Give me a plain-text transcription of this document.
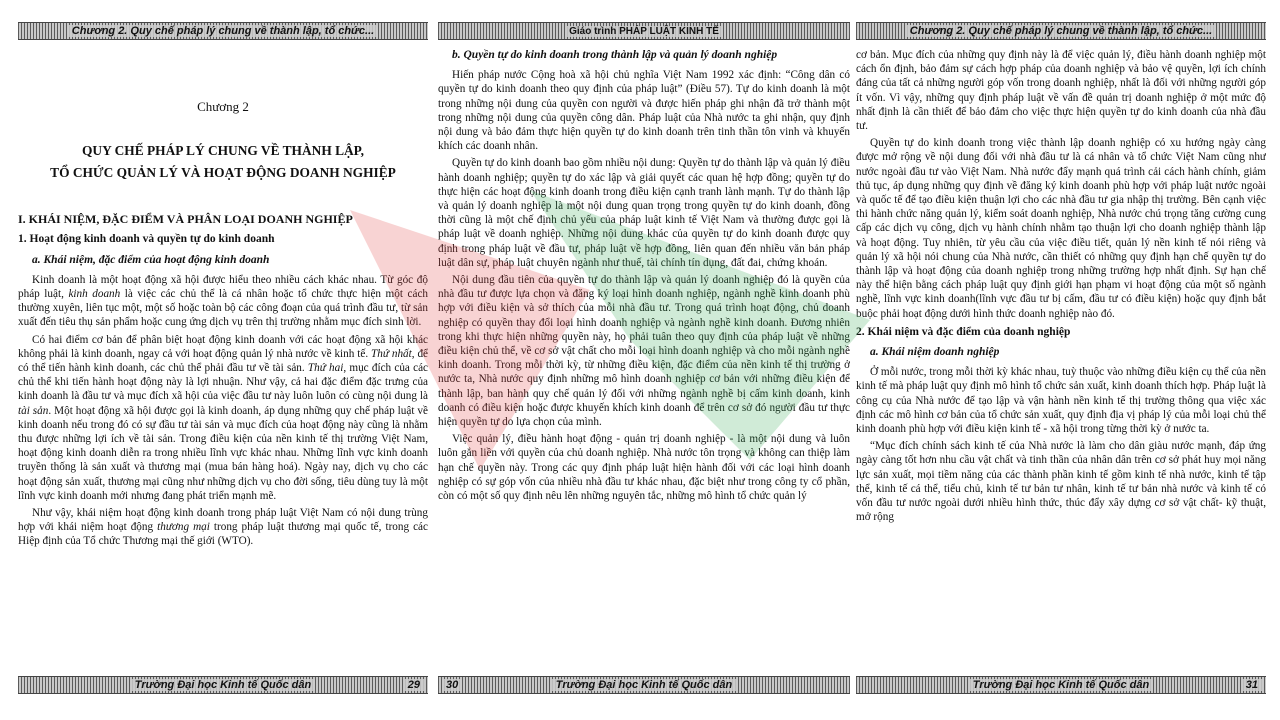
Chương 2. Quy chế pháp lý chung về thành lập, tổ chức...

Chương 2

QUY CHẾ PHÁP LÝ CHUNG VỀ THÀNH LẬP,
TỔ CHỨC QUẢN LÝ VÀ HOẠT ĐỘNG DOANH NGHIỆP

I. KHÁI NIỆM, ĐẶC ĐIỂM VÀ PHÂN LOẠI DOANH NGHIỆP

1. Hoạt động kinh doanh và quyền tự do kinh doanh

a. Khái niệm, đặc điểm của hoạt động kinh doanh

Kinh doanh là một hoạt động xã hội được hiểu theo nhiều cách khác nhau. Từ góc độ pháp luật, kinh doanh là việc các chủ thể là cá nhân hoặc tổ chức thực hiện một cách thường xuyên, liên tục một, một số hoặc toàn bộ các công đoạn của quá trình đầu tư, từ sản xuất đến tiêu thụ sản phẩm hoặc cung ứng dịch vụ trên thị trường nhằm mục đích sinh lời.

Có hai điểm cơ bản để phân biệt hoạt động kinh doanh với các hoạt động xã hội khác không phải là kinh doanh, ngay cả với hoạt động quản lý nhà nước về kinh tế. Thứ nhất, để có thể tiến hành kinh doanh, các chủ thể phải đầu tư về tài sản. Thứ hai, mục đích của các chủ thể khi tiến hành hoạt động này là lợi nhuận. Như vậy, cả hai đặc điểm đặc trưng của kinh doanh là đầu tư và mục đích xã hội của việc đầu tư này luôn luôn có cùng nội dung là tài sản. Một hoạt động xã hội được gọi là kinh doanh, áp dụng những quy chế pháp luật về kinh doanh nếu trong đó có sự đầu tư tài sản và mục đích của hoạt động này cũng là nhằm thu được những lợi ích về tài sản. Trong điều kiện của nền kinh tế thị trường Việt Nam, hoạt động kinh doanh diễn ra trong nhiều lĩnh vực khác nhau. Những lĩnh vực kinh doanh truyền thống là sản xuất và thương mại (mua bán hàng hoá). Ngày nay, dịch vụ cho các hoạt động sản xuất, thương mại cũng như những dịch vụ cho đời sống, tiêu dùng tuy là một lĩnh vực kinh doanh mới nhưng đang phát triển mạnh mẽ.

Như vậy, khái niệm hoạt động kinh doanh trong pháp luật Việt Nam có nội dung trùng hợp với khái niệm hoạt động thương mại trong pháp luật thương mại quốc tế, trong các Hiệp định của Tổ chức Thương mại thế giới (WTO).

Trường Đại học Kinh tế Quốc dân	29
Giáo trình PHÁP LUẬT KINH TẾ

b. Quyền tự do kinh doanh trong thành lập và quản lý doanh nghiệp

Hiến pháp nước Cộng hoà xã hội chủ nghĩa Việt Nam 1992 xác định: “Công dân có quyền tự do kinh doanh theo quy định của pháp luật” (Điều 57). Tự do kinh doanh là một trong những nội dung của quyền con người và được hiến pháp ghi nhận đã trở thành một trong những nội dung của quyền công dân. Pháp luật của Nhà nước ta ghi nhận, quy định nội dung và bảo đảm thực hiện quyền tự do kinh doanh trên tinh thần tôn vinh và khuyến khích các doanh nhân.

Quyền tự do kinh doanh bao gồm nhiều nội dung: Quyền tự do thành lập và quản lý điều hành doanh nghiệp; quyền tự do xác lập và giải quyết các quan hệ hợp đồng; quyền tự do thực hiện các hoạt động kinh doanh trong điều kiện cạnh tranh lành mạnh. Tự do thành lập và quản lý doanh nghiệp là một nội dung quan trọng trong quyền tự do kinh doanh, đồng thời cũng là một chế định chủ yếu của pháp luật kinh tế Việt Nam và thường được gọi là pháp luật về doanh nghiệp. Những nội dung khác của quyền tự do kinh doanh được quy định trong pháp luật về đầu tư, pháp luật về hợp đồng, liên quan đến nhiều văn bản pháp luật dân sự, pháp luật chuyên ngành như thuế, tài chính tín dụng, đất đai, chứng khoán.

Nội dung đầu tiên của quyền tự do thành lập và quản lý doanh nghiệp đó là quyền của nhà đầu tư được lựa chọn và đăng ký loại hình doanh nghiệp, ngành nghề kinh doanh phù hợp với điều kiện và sở thích của mỗi nhà đầu tư. Trong quá trình hoạt động, chủ doanh nghiệp có quyền thay đổi loại hình doanh nghiệp và ngành nghề kinh doanh. Đương nhiên trong khi thực hiện những quyền này, họ phải tuân theo quy định của pháp luật về những điều kiện chủ thể, về cơ sở vật chất cho mỗi loại hình doanh nghiệp và cho mỗi ngành nghề kinh doanh. Trong mỗi thời kỳ, từ những điều kiện, đặc điểm của nền kinh tế thị trường ở nước ta, Nhà nước quy định những mô hình doanh nghiệp cơ bản với những điều kiện để thành lập, ban hành quy chế quản lý đối với những ngành nghề bị cấm kinh doanh, kinh doanh có điều kiện hoặc được khuyến khích kinh doanh để trên cơ sở đó người đầu tư thực hiện quyền tự do lựa chọn của mình.

Việc quản lý, điều hành hoạt động - quản trị doanh nghiệp - là một nội dung và luôn luôn gắn liền với quyền của chủ doanh nghiệp. Nhà nước tôn trọng và không can thiệp làm hạn chế quyền này. Trong các quy định pháp luật hiện hành đối với các loại hình doanh nghiệp có sự góp vốn của nhiều nhà đầu tư khác nhau, đặc biệt như trong công ty cổ phần, còn có một số quy định nêu lên những nguyên tắc, những mô hình tổ chức quản lý

Trường Đại học Kinh tế Quốc dân
30
Chương 2. Quy chế pháp lý chung về thành lập, tổ chức...

cơ bản. Mục đích của những quy định này là để việc quản lý, điều hành doanh nghiệp một cách ổn định, bảo đảm sự cách hợp pháp của doanh nghiệp và bảo vệ quyền, lợi ích chính đáng của tất cả những người góp vốn trong doanh nghiệp, nhất là đối với những người góp ít vốn. Vì vậy, những quy định pháp luật về vấn đề quản trị doanh nghiệp ở một mức độ nhất định là cần thiết để bảo đảm cho việc thực hiện quyền tự do kinh doanh của nhà đầu tư.

Quyền tự do kinh doanh trong việc thành lập doanh nghiệp có xu hướng ngày càng được mở rộng về nội dung đối với nhà đầu tư là cá nhân và tổ chức Việt Nam cũng như nước ngoài đầu tư vào Việt Nam. Nhà nước đẩy mạnh quá trình cải cách hành chính, giảm thủ tục, áp dụng những quy định về đăng ký kinh doanh phù hợp với pháp luật nước ngoài và quốc tế để tạo điều kiện thuận lợi cho các nhà đầu tư gia nhập thị trường. Bên cạnh việc thi hành chức năng quản lý, kiểm soát doanh nghiệp, Nhà nước chú trọng tăng cường cung cấp các dịch vụ công, dịch vụ hành chính nhằm tạo thuận lợi cho doanh nghiệp thành lập và hoạt động. Tuy nhiên, từ yêu cầu của việc điều tiết, quản lý nền kinh tế nói riêng và quản lý xã hội nói chung của Nhà nước, cần thiết có những quy định hạn chế quyền tự do thành lập và hoạt động của doanh nghiệp trong những trường hợp nhất định. Sự hạn chế này thể hiện bằng cách pháp luật quy định giới hạn phạm vi hoạt động của một số ngành nghề, lĩnh vực kinh doanh(lĩnh vực đầu tư bị cấm, đầu tư có điều kiện) hoặc quy định bắt buộc phải hoạt động dưới hình thức doanh nghiệp nào đó.

2. Khái niệm và đặc điểm của doanh nghiệp

a. Khái niệm doanh nghiệp

Ở mỗi nước, trong mỗi thời kỳ khác nhau, tuỳ thuộc vào những điều kiện cụ thể của nền kinh tế mà pháp luật quy định mô hình tổ chức sản xuất, kinh doanh thích hợp. Pháp luật là công cụ của Nhà nước để tạo lập và vận hành nền kinh tế thị trường thông qua việc xác định các mô hình cơ bản của tổ chức sản xuất, quy định địa vị pháp lý của mỗi loại chủ thể kinh doanh phù hợp với điều kiện kinh tế - xã hội trong từng thời kỳ ở nước ta.

“Mục đích chính sách kinh tế của Nhà nước là làm cho dân giàu nước mạnh, đáp ứng ngày càng tốt hơn nhu cầu vật chất và tinh thần của nhân dân trên cơ sở phát huy mọi năng lực sản xuất, mọi tiềm năng của các thành phần kinh tế gồm kinh tế nhà nước, kinh tế tập thể, kinh tế cá thể, tiểu chủ, kinh tế tư bản tư nhân, kinh tế tư bản nhà nước và kinh tế có vốn đầu tư nước ngoài dưới nhiều hình thức, thúc đẩy xây dựng cơ sở vật chất- kỹ thuật, mở rộng

Trường Đại học Kinh tế Quốc dân	31
